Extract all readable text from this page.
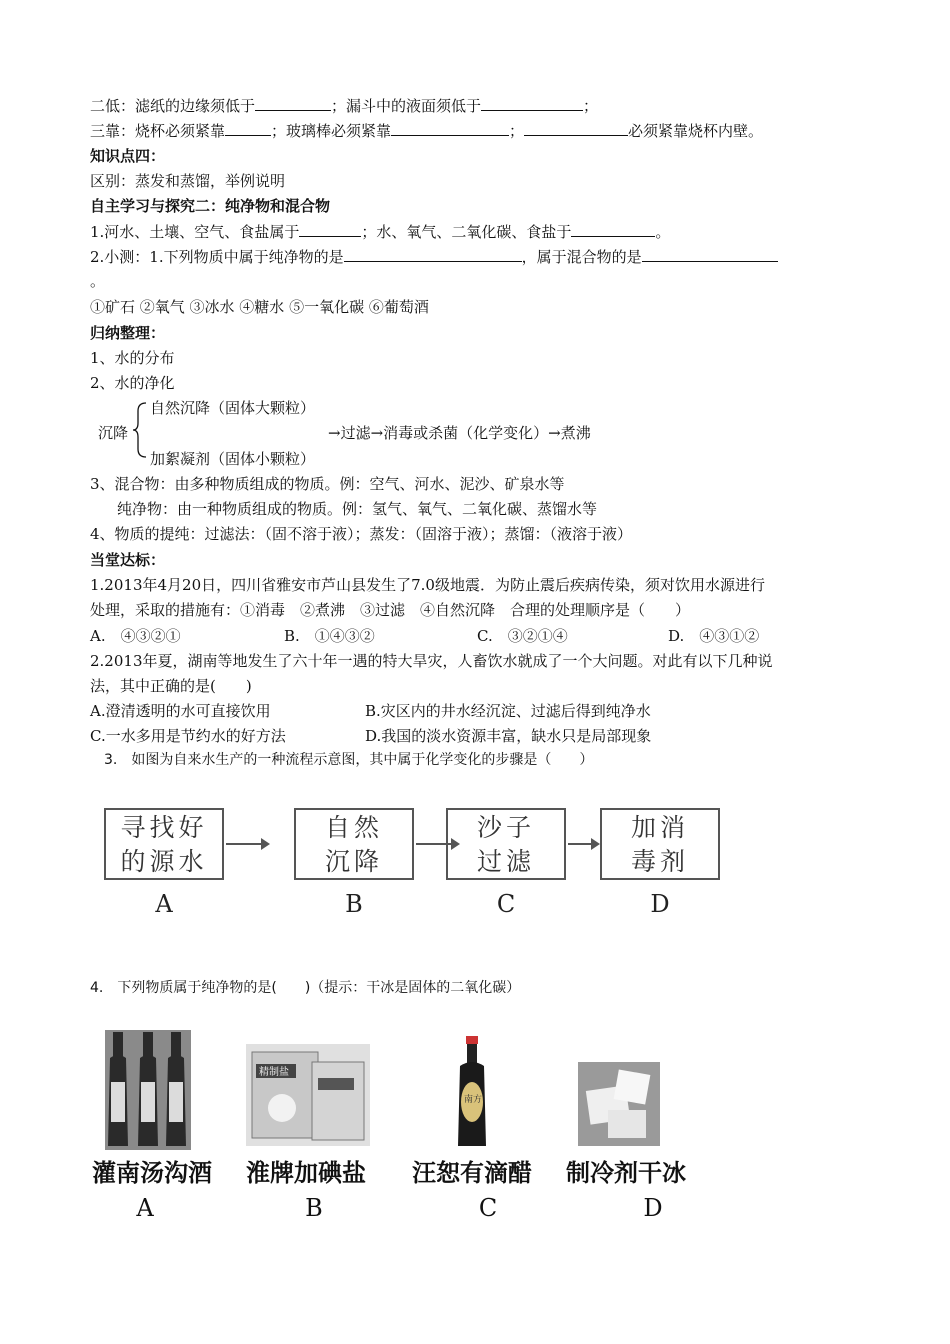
二低：滤纸的边缘须低于	；漏斗中的液面须低于	；
三靠：烧杯必须紧靠	；玻璃棒必须紧靠	；	必须紧靠烧杯内壁。
知识点四：
区别：蒸发和蒸馏，举例说明
自主学习与探究二：纯净物和混合物
1.河水、土壤、空气、食盐属于	；水、氧气、二氧化碳、食盐于	。
2.小测：1.下列物质中属于纯净物的是	，属于混合物的是
。
①矿石 ②氧气 ③冰水 ④糖水 ⑤一氧化碳 ⑥葡萄酒
归纳整理：
1、水的分布
2、水的净化
自然沉降（固体大颗粒）
沉降	→过滤→消毒或杀菌（化学变化）→煮沸
加絮凝剂（固体小颗粒）
3、混合物：由多种物质组成的物质。例：空气、河水、泥沙、矿泉水等
纯净物：由一种物质组成的物质。例：氢气、氧气、二氧化碳、蒸馏水等
4、物质的提纯：过滤法：（固不溶于液）；蒸发：（固溶于液）；蒸馏：（液溶于液）
当堂达标：
1.2013年4月20日，四川省雅安市芦山县发生了7.0级地震．为防止震后疾病传染，须对饮用水源进行
处理，采取的措施有：①消毒　②煮沸　③过滤　④自然沉降　合理的处理顺序是（　　）
A.　④③②①	B.　①④③②	C.　③②①④	D.　④③①②
2.2013年夏，湖南等地发生了六十年一遇的特大旱灾，人畜饮水就成了一个大问题。对此有以下几种说
法，其中正确的是(　　)
A.澄清透明的水可直接饮用	B.灾区内的井水经沉淀、过滤后得到纯净水
C.一水多用是节约水的好方法	D.我国的淡水资源丰富，缺水只是局部现象
3.　如图为自来水生产的一种流程示意图，其中属于化学变化的步骤是（　　）
寻找好
的源水
自然
沉降
沙子
过滤
加消
毒剂
A	B	C	D
4.　下列物质属于纯净物的是(　　)（提示：干冰是固体的二氧化碳）
精制盐
南方
灌南汤沟酒 淮牌加碘盐 汪恕有滴醋 制冷剂干冰
A	B	C	D
